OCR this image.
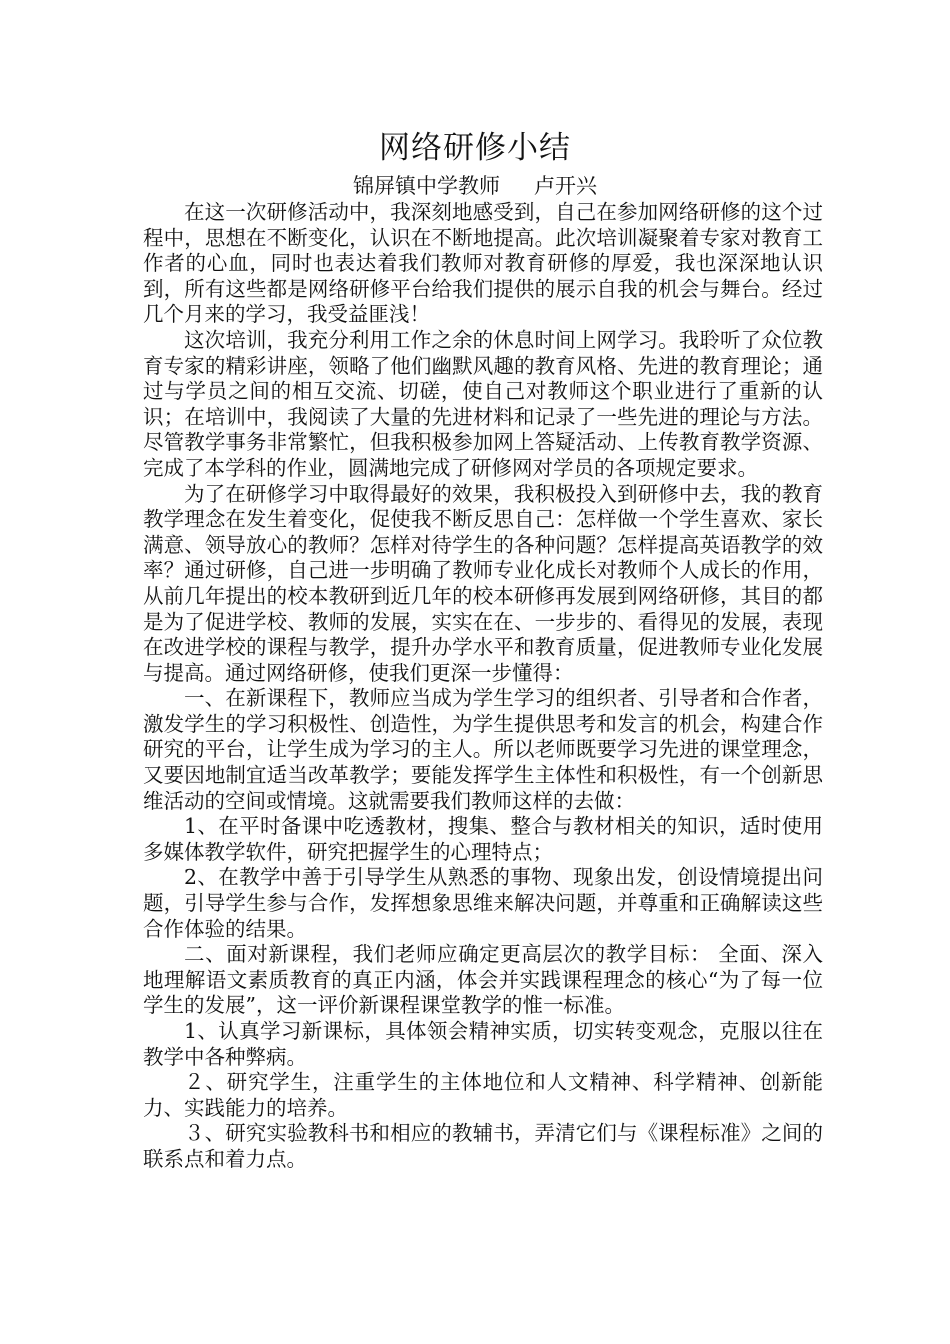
网络研修小结
锦屏镇中学教师 卢开兴

在这一次研修活动中，我深刻地感受到，自己在参加网络研修的这个过程中，思想在不断变化，认识在不断地提高。此次培训凝聚着专家对教育工作者的心血，同时也表达着我们教师对教育研修的厚爱，我也深深地认识到，所有这些都是网络研修平台给我们提供的展示自我的机会与舞台。经过几个月来的学习，我受益匪浅！

这次培训，我充分利用工作之余的休息时间上网学习。我聆听了众位教育专家的精彩讲座，领略了他们幽默风趣的教育风格、先进的教育理论；通过与学员之间的相互交流、切磋，使自己对教师这个职业进行了重新的认识；在培训中，我阅读了大量的先进材料和记录了一些先进的理论与方法。尽管教学事务非常繁忙，但我积极参加网上答疑活动、上传教育教学资源、完成了本学科的作业，圆满地完成了研修网对学员的各项规定要求。

为了在研修学习中取得最好的效果，我积极投入到研修中去，我的教育教学理念在发生着变化，促使我不断反思自己：怎样做一个学生喜欢、家长满意、领导放心的教师？怎样对待学生的各种问题？怎样提高英语教学的效率？通过研修，自己进一步明确了教师专业化成长对教师个人成长的作用，从前几年提出的校本教研到近几年的校本研修再发展到网络研修，其目的都是为了促进学校、教师的发展，实实在在、一步步的、看得见的发展，表现在改进学校的课程与教学，提升办学水平和教育质量，促进教师专业化发展与提高。通过网络研修，使我们更深一步懂得：

一、在新课程下，教师应当成为学生学习的组织者、引导者和合作者，激发学生的学习积极性、创造性，为学生提供思考和发言的机会，构建合作研究的平台，让学生成为学习的主人。所以老师既要学习先进的课堂理念，又要因地制宜适当改革教学；要能发挥学生主体性和积极性，有一个创新思维活动的空间或情境。这就需要我们教师这样的去做：

1、在平时备课中吃透教材，搜集、整合与教材相关的知识，适时使用多媒体教学软件，研究把握学生的心理特点；

2、在教学中善于引导学生从熟悉的事物、现象出发，创设情境提出问题，引导学生参与合作，发挥想象思维来解决问题，并尊重和正确解读这些合作体验的结果。

二、面对新课程，我们老师应确定更高层次的教学目标： 全面、深入地理解语文素质教育的真正内涵，体会并实践课程理念的核心“为了每一位学生的发展”，这一评价新课程课堂教学的惟一标准。

1、认真学习新课标，具体领会精神实质，切实转变观念，克服以往在教学中各种弊病。

２、研究学生，注重学生的主体地位和人文精神、科学精神、创新能力、实践能力的培养。

３、研究实验教科书和相应的教辅书，弄清它们与《课程标准》之间的联系点和着力点。
